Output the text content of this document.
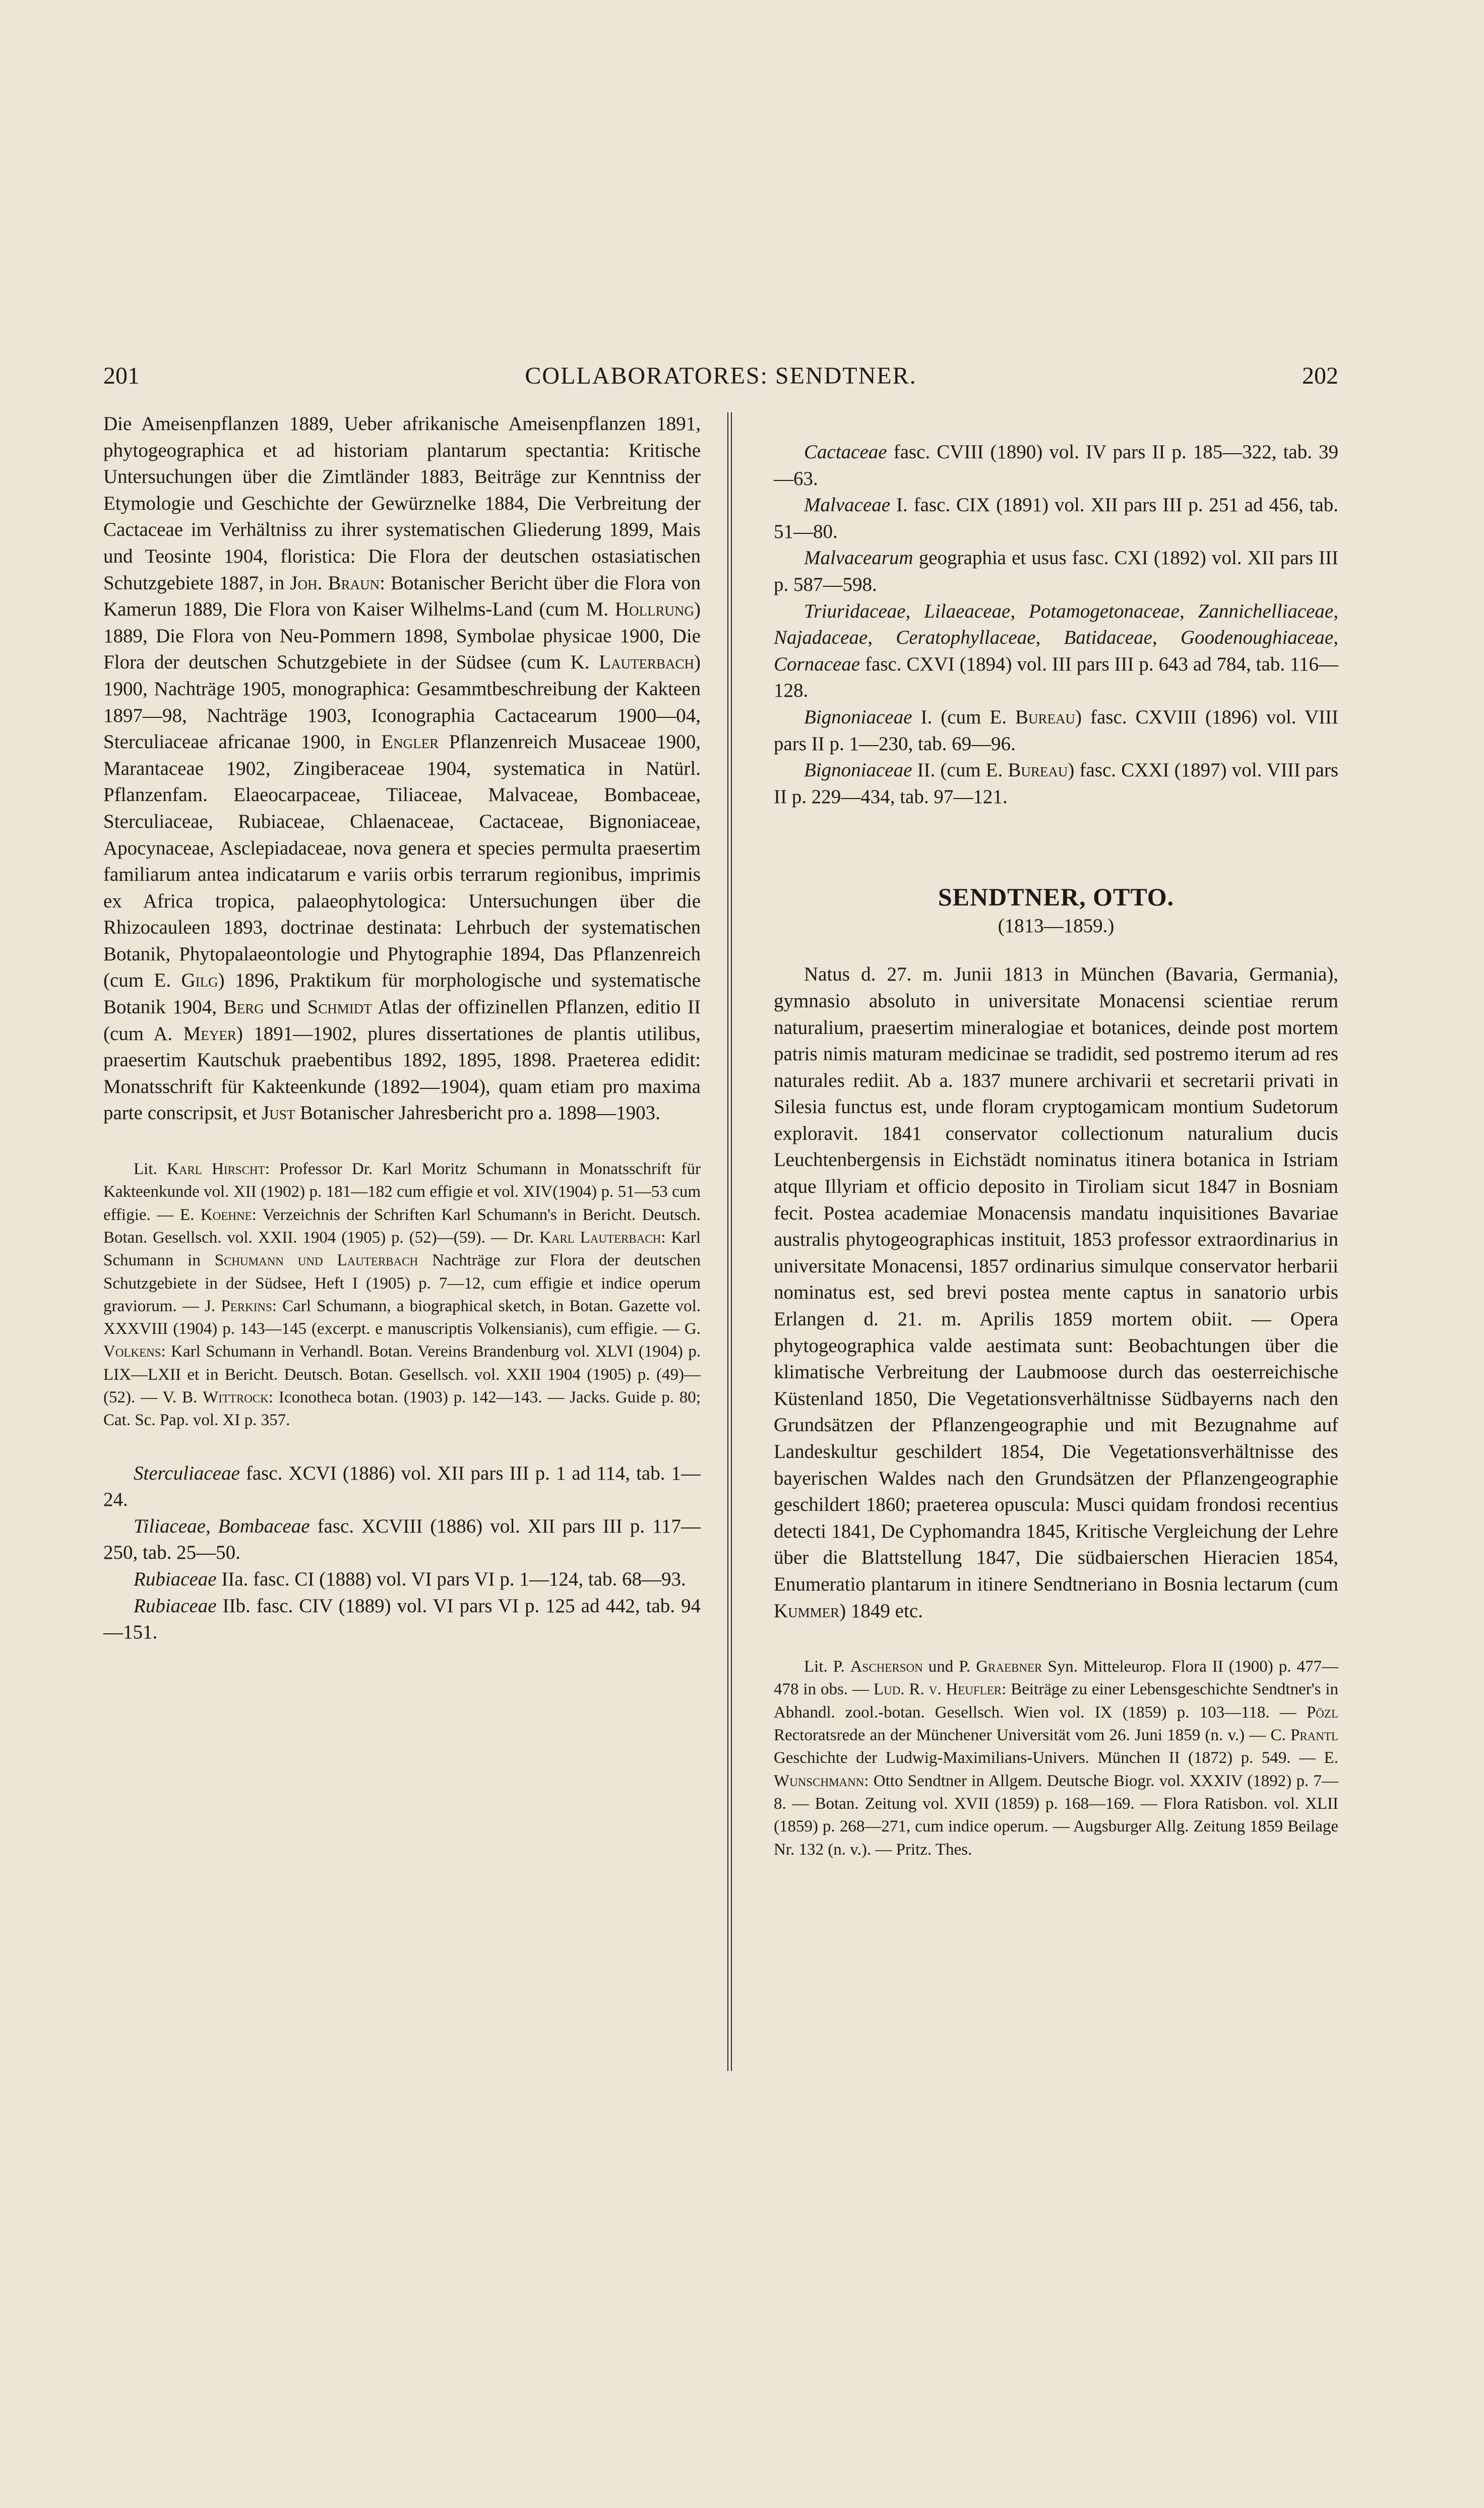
201	COLLABORATORES: SENDTNER.	202

Die Ameisenpflanzen 1889, Ueber afrikanische Ameisenpflanzen 1891, phytogeographica et ad historiam plantarum spectantia: Kritische Untersuchungen über die Zimtländer 1883, Beiträge zur Kenntniss der Etymologie und Geschichte der Gewürznelke 1884, Die Verbreitung der Cactaceae im Verhältniss zu ihrer systematischen Gliederung 1899, Mais und Teosinte 1904, floristica: Die Flora der deutschen ostasiatischen Schutzgebiete 1887, in Joh. Braun: Botanischer Bericht über die Flora von Kamerun 1889, Die Flora von Kaiser Wilhelms-Land (cum M. Hollrung) 1889, Die Flora von Neu-Pommern 1898, Symbolae physicae 1900, Die Flora der deutschen Schutzgebiete in der Südsee (cum K. Lauterbach) 1900, Nachträge 1905, monographica: Gesammtbeschreibung der Kakteen 1897—98, Nachträge 1903, Iconographia Cactacearum 1900—04, Sterculiaceae africanae 1900, in Engler Pflanzenreich Musaceae 1900, Marantaceae 1902, Zingiberaceae 1904, systematica in Natürl. Pflanzenfam. Elaeocarpaceae, Tiliaceae, Malvaceae, Bombaceae, Sterculiaceae, Rubiaceae, Chlaenaceae, Cactaceae, Bignoniaceae, Apocynaceae, Asclepiadaceae, nova genera et species permulta praesertim familiarum antea indicatarum e variis orbis terrarum regionibus, imprimis ex Africa tropica, palaeophytologica: Untersuchungen über die Rhizocauleen 1893, doctrinae destinata: Lehrbuch der systematischen Botanik, Phytopalaeontologie und Phytographie 1894, Das Pflanzenreich (cum E. Gilg) 1896, Praktikum für morphologische und systematische Botanik 1904, Berg und Schmidt Atlas der offizinellen Pflanzen, editio II (cum A. Meyer) 1891—1902, plures dissertationes de plantis utilibus, praesertim Kautschuk praebentibus 1892, 1895, 1898. Praeterea edidit: Monatsschrift für Kakteenkunde (1892—1904), quam etiam pro maxima parte conscripsit, et Just Botanischer Jahresbericht pro a. 1898—1903.

Lit. Karl Hirscht: Professor Dr. Karl Moritz Schumann in Monatsschrift für Kakteenkunde vol. XII (1902) p. 181—182 cum effigie et vol. XIV(1904) p. 51—53 cum effigie. — E. Koehne: Verzeichnis der Schriften Karl Schumann's in Bericht. Deutsch. Botan. Gesellsch. vol. XXII. 1904 (1905) p. (52)—(59). — Dr. Karl Lauterbach: Karl Schumann in Schumann und Lauterbach Nachträge zur Flora der deutschen Schutzgebiete in der Südsee, Heft I (1905) p. 7—12, cum effigie et indice operum graviorum. — J. Perkins: Carl Schumann, a biographical sketch, in Botan. Gazette vol. XXXVIII (1904) p. 143—145 (excerpt. e manuscriptis Volkensianis), cum effigie. — G. Volkens: Karl Schumann in Verhandl. Botan. Vereins Brandenburg vol. XLVI (1904) p. LIX—LXII et in Bericht. Deutsch. Botan. Gesellsch. vol. XXII 1904 (1905) p. (49)—(52). — V. B. Wittrock: Iconotheca botan. (1903) p. 142—143. — Jacks. Guide p. 80; Cat. Sc. Pap. vol. XI p. 357.

Sterculiaceae fasc. XCVI (1886) vol. XII pars III p. 1 ad 114, tab. 1—24.

Tiliaceae, Bombaceae fasc. XCVIII (1886) vol. XII pars III p. 117—250, tab. 25—50.

Rubiaceae IIa. fasc. CI (1888) vol. VI pars VI p. 1—124, tab. 68—93.

Rubiaceae IIb. fasc. CIV (1889) vol. VI pars VI p. 125 ad 442, tab. 94—151.

Cactaceae fasc. CVIII (1890) vol. IV pars II p. 185—322, tab. 39—63.

Malvaceae I. fasc. CIX (1891) vol. XII pars III p. 251 ad 456, tab. 51—80.

Malvacearum geographia et usus fasc. CXI (1892) vol. XII pars III p. 587—598.

Triuridaceae, Lilaeaceae, Potamogetonaceae, Zannichelliaceae, Najadaceae, Ceratophyllaceae, Batidaceae, Goodenoughiaceae, Cornaceae fasc. CXVI (1894) vol. III pars III p. 643 ad 784, tab. 116—128.

Bignoniaceae I. (cum E. Bureau) fasc. CXVIII (1896) vol. VIII pars II p. 1—230, tab. 69—96.

Bignoniaceae II. (cum E. Bureau) fasc. CXXI (1897) vol. VIII pars II p. 229—434, tab. 97—121.

SENDTNER, OTTO.
(1813—1859.)

Natus d. 27. m. Junii 1813 in München (Bavaria, Germania), gymnasio absoluto in universitate Monacensi scientiae rerum naturalium, praesertim mineralogiae et botanices, deinde post mortem patris nimis maturam medicinae se tradidit, sed postremo iterum ad res naturales rediit. Ab a. 1837 munere archivarii et secretarii privati in Silesia functus est, unde floram cryptogamicam montium Sudetorum exploravit. 1841 conservator collectionum naturalium ducis Leuchtenbergensis in Eichstädt nominatus itinera botanica in Istriam atque Illyriam et officio deposito in Tiroliam sicut 1847 in Bosniam fecit. Postea academiae Monacensis mandatu inquisitiones Bavariae australis phytogeographicas instituit, 1853 professor extraordinarius in universitate Monacensi, 1857 ordinarius simulque conservator herbarii nominatus est, sed brevi postea mente captus in sanatorio urbis Erlangen d. 21. m. Aprilis 1859 mortem obiit. — Opera phytogeographica valde aestimata sunt: Beobachtungen über die klimatische Verbreitung der Laubmoose durch das oesterreichische Küstenland 1850, Die Vegetationsverhältnisse Südbayerns nach den Grundsätzen der Pflanzengeographie und mit Bezugnahme auf Landeskultur geschildert 1854, Die Vegetationsverhältnisse des bayerischen Waldes nach den Grundsätzen der Pflanzengeographie geschildert 1860; praeterea opuscula: Musci quidam frondosi recentius detecti 1841, De Cyphomandra 1845, Kritische Vergleichung der Lehre über die Blattstellung 1847, Die südbaierschen Hieracien 1854, Enumeratio plantarum in itinere Sendtneriano in Bosnia lectarum (cum Kummer) 1849 etc.

Lit. P. Ascherson und P. Graebner Syn. Mitteleurop. Flora II (1900) p. 477—478 in obs. — Lud. R. v. Heufler: Beiträge zu einer Lebensgeschichte Sendtner's in Abhandl. zool.-botan. Gesellsch. Wien vol. IX (1859) p. 103—118. — Pözl Rectoratsrede an der Münchener Universität vom 26. Juni 1859 (n. v.) — C. Prantl Geschichte der Ludwig-Maximilians-Univers. München II (1872) p. 549. — E. Wunschmann: Otto Sendtner in Allgem. Deutsche Biogr. vol. XXXIV (1892) p. 7—8. — Botan. Zeitung vol. XVII (1859) p. 168—169. — Flora Ratisbon. vol. XLII (1859) p. 268—271, cum indice operum. — Augsburger Allg. Zeitung 1859 Beilage Nr. 132 (n. v.). — Pritz. Thes.
